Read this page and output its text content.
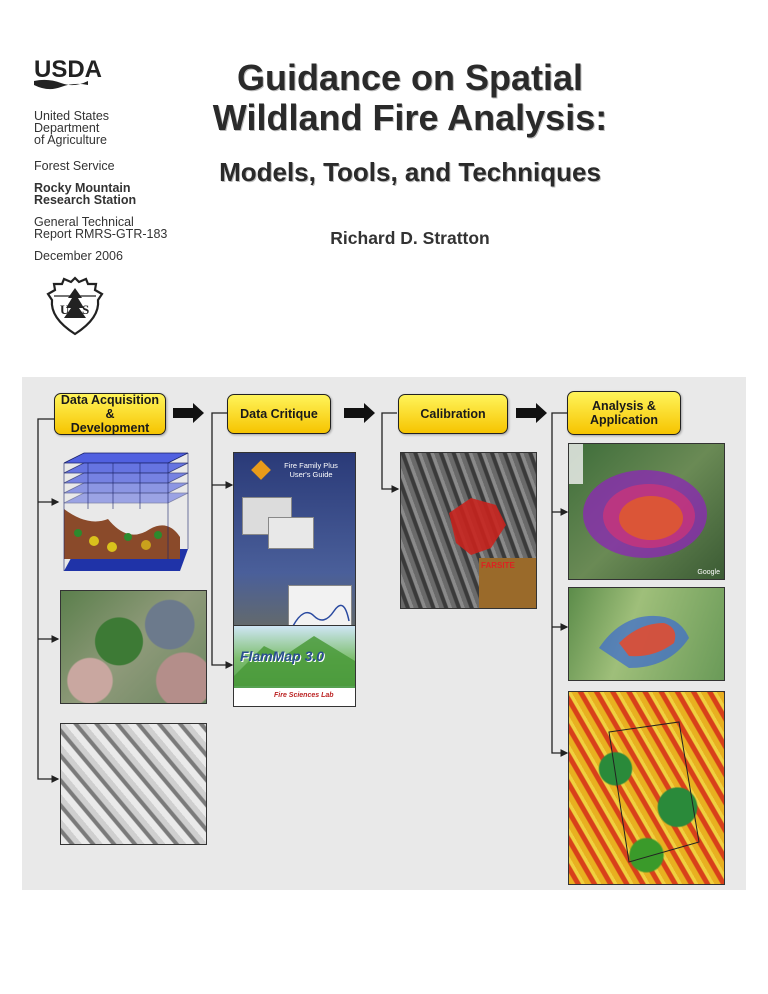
USDA
United States
Department
of Agriculture
Forest Service
Rocky Mountain
Research Station
General Technical
Report RMRS-GTR-183
December 2006
U S
Guidance on Spatial
Wildland Fire Analysis:
Models, Tools, and Techniques
Richard D. Stratton
Data Acquisition &
Development
Data Critique	Calibration
Analysis &
Application
Fire Family Plus
User's Guide
FlamMap 3.0
Fire Sciences Lab
FARSITE
Google
